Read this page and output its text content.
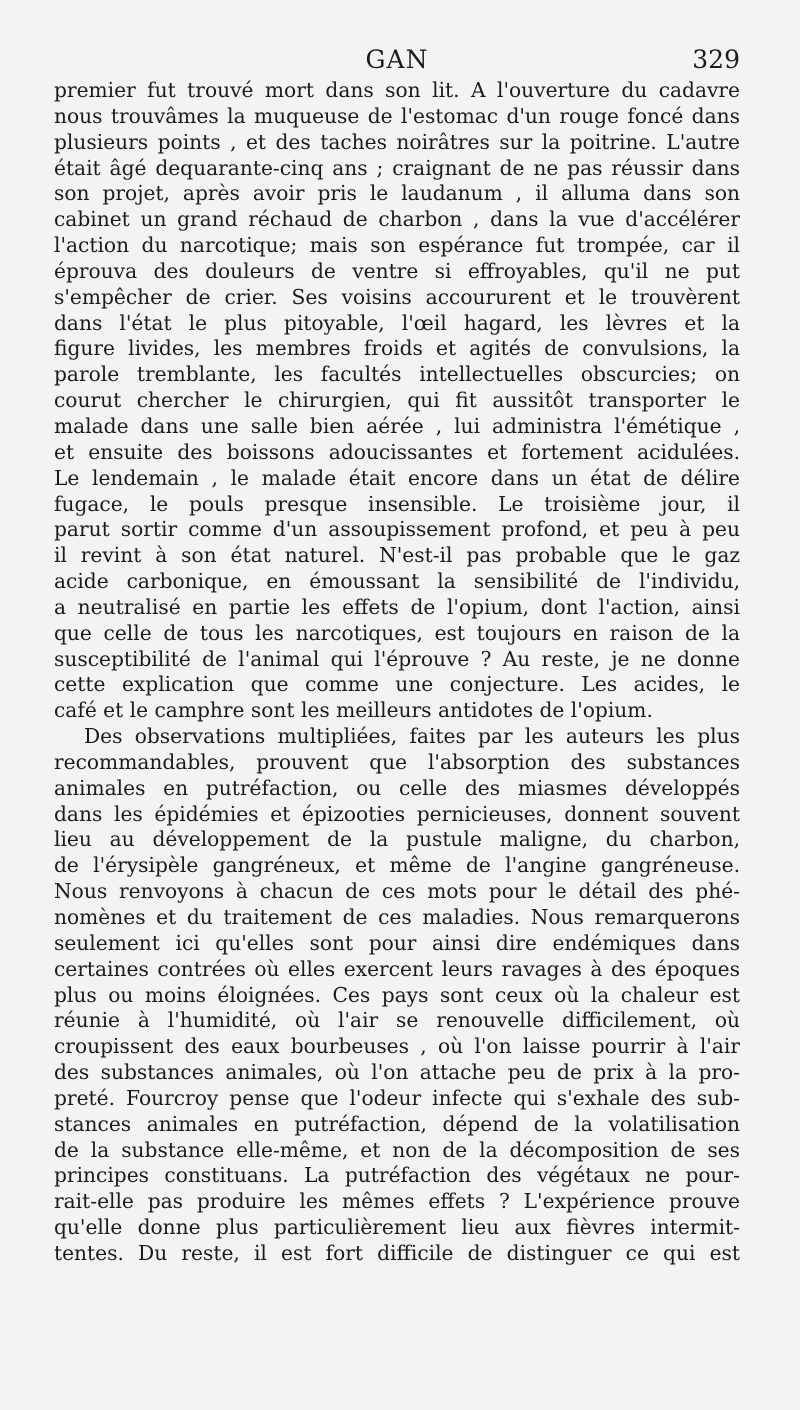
GAN	329
premier fut trouvé mort dans son lit. A l'ouverture du cadavre
nous trouvâmes la muqueuse de l'estomac d'un rouge foncé dans
plusieurs points , et des taches noirâtres sur la poitrine. L'autre
était âgé dequarante-cinq ans ; craignant de ne pas réussir dans
son projet, après avoir pris le laudanum , il alluma dans son
cabinet un grand réchaud de charbon , dans la vue d'accélérer
l'action du narcotique; mais son espérance fut trompée, car il
éprouva des douleurs de ventre si effroyables, qu'il ne put
s'empêcher de crier. Ses voisins accoururent et le trouvèrent
dans l'état le plus pitoyable, l'œil hagard, les lèvres et la
figure livides, les membres froids et agités de convulsions, la
parole tremblante, les facultés intellectuelles obscurcies; on
courut chercher le chirurgien, qui fit aussitôt transporter le
malade dans une salle bien aérée , lui administra l'émétique ,
et ensuite des boissons adoucissantes et fortement acidulées.
Le lendemain , le malade était encore dans un état de délire
fugace, le pouls presque insensible. Le troisième jour, il
parut sortir comme d'un assoupissement profond, et peu à peu
il revint à son état naturel. N'est-il pas probable que le gaz
acide carbonique, en émoussant la sensibilité de l'individu,
a neutralisé en partie les effets de l'opium, dont l'action, ainsi
que celle de tous les narcotiques, est toujours en raison de la
susceptibilité de l'animal qui l'éprouve ? Au reste, je ne donne
cette explication que comme une conjecture. Les acides, le
café et le camphre sont les meilleurs antidotes de l'opium.
Des observations multipliées, faites par les auteurs les plus
recommandables, prouvent que l'absorption des substances
animales en putréfaction, ou celle des miasmes développés
dans les épidémies et épizooties pernicieuses, donnent souvent
lieu au développement de la pustule maligne, du charbon,
de l'érysipèle gangréneux, et même de l'angine gangréneuse.
Nous renvoyons à chacun de ces mots pour le détail des phé-
nomènes et du traitement de ces maladies. Nous remarquerons
seulement ici qu'elles sont pour ainsi dire endémiques dans
certaines contrées où elles exercent leurs ravages à des époques
plus ou moins éloignées. Ces pays sont ceux où la chaleur est
réunie à l'humidité, où l'air se renouvelle difficilement, où
croupissent des eaux bourbeuses , où l'on laisse pourrir à l'air
des substances animales, où l'on attache peu de prix à la pro-
preté. Fourcroy pense que l'odeur infecte qui s'exhale des sub-
stances animales en putréfaction, dépend de la volatilisation
de la substance elle-même, et non de la décomposition de ses
principes constituans. La putréfaction des végétaux ne pour-
rait-elle pas produire les mêmes effets ? L'expérience prouve
qu'elle donne plus particulièrement lieu aux fièvres intermit-
tentes. Du reste, il est fort difficile de distinguer ce qui est
